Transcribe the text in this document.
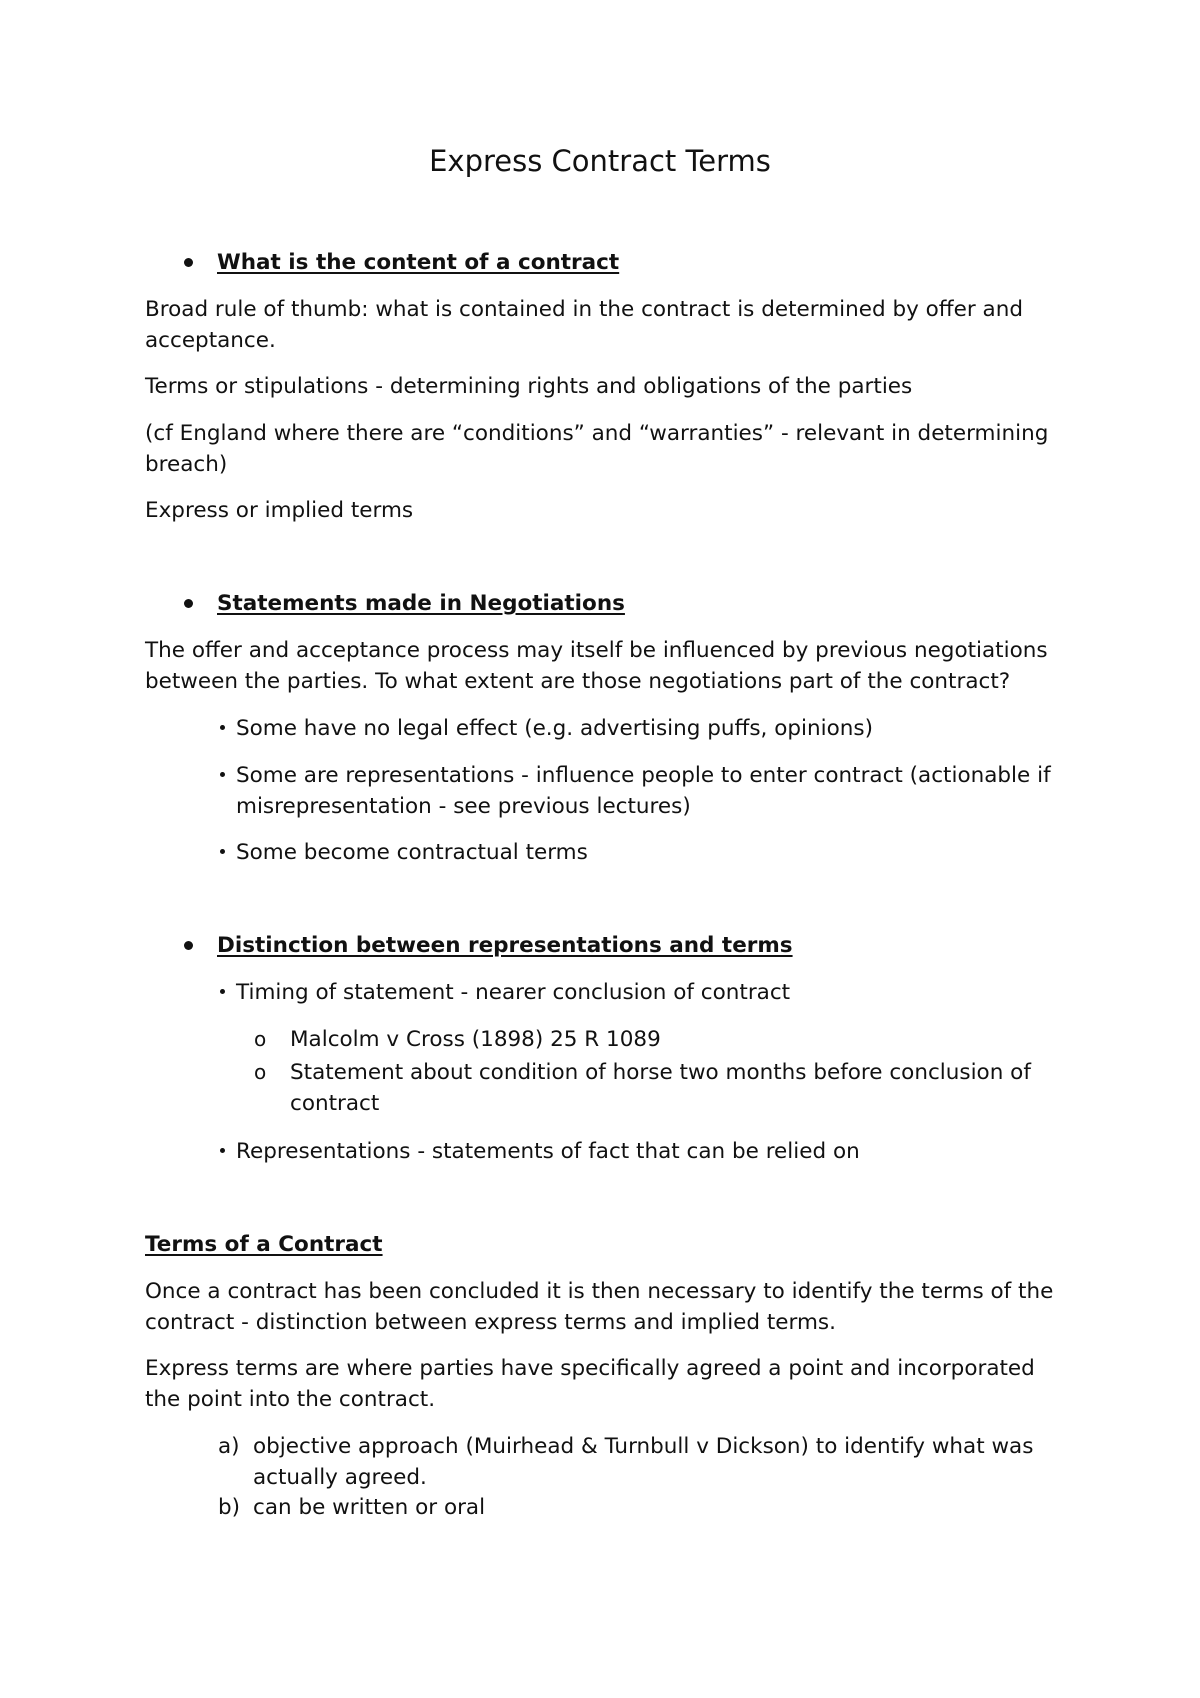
Express Contract Terms
What is the content of a contract

Broad rule of thumb: what is contained in the contract is determined by offer and acceptance.

Terms or stipulations - determining rights and obligations of the parties

(cf England where there are “conditions” and “warranties” - relevant in determining breach)

Express or implied terms

Statements made in Negotiations

The offer and acceptance process may itself be influenced by previous negotiations between the parties. To what extent are those negotiations part of the contract?

Some have no legal effect (e.g. advertising puffs, opinions)
Some are representations - influence people to enter contract (actionable if misrepresentation - see previous lectures)
Some become contractual terms
Distinction between representations and terms
Timing of statement - nearer conclusion of contract
o	Malcolm v Cross (1898) 25 R 1089
o	Statement about condition of horse two months before conclusion of contract
Representations - statements of fact that can be relied on
Terms of a Contract

Once a contract has been concluded it is then necessary to identify the terms of the contract - distinction between express terms and implied terms.

Express terms are where parties have specifically agreed a point and incorporated the point into the contract.

a) objective approach (Muirhead & Turnbull v Dickson) to identify what was actually agreed.
b) can be written or oral
